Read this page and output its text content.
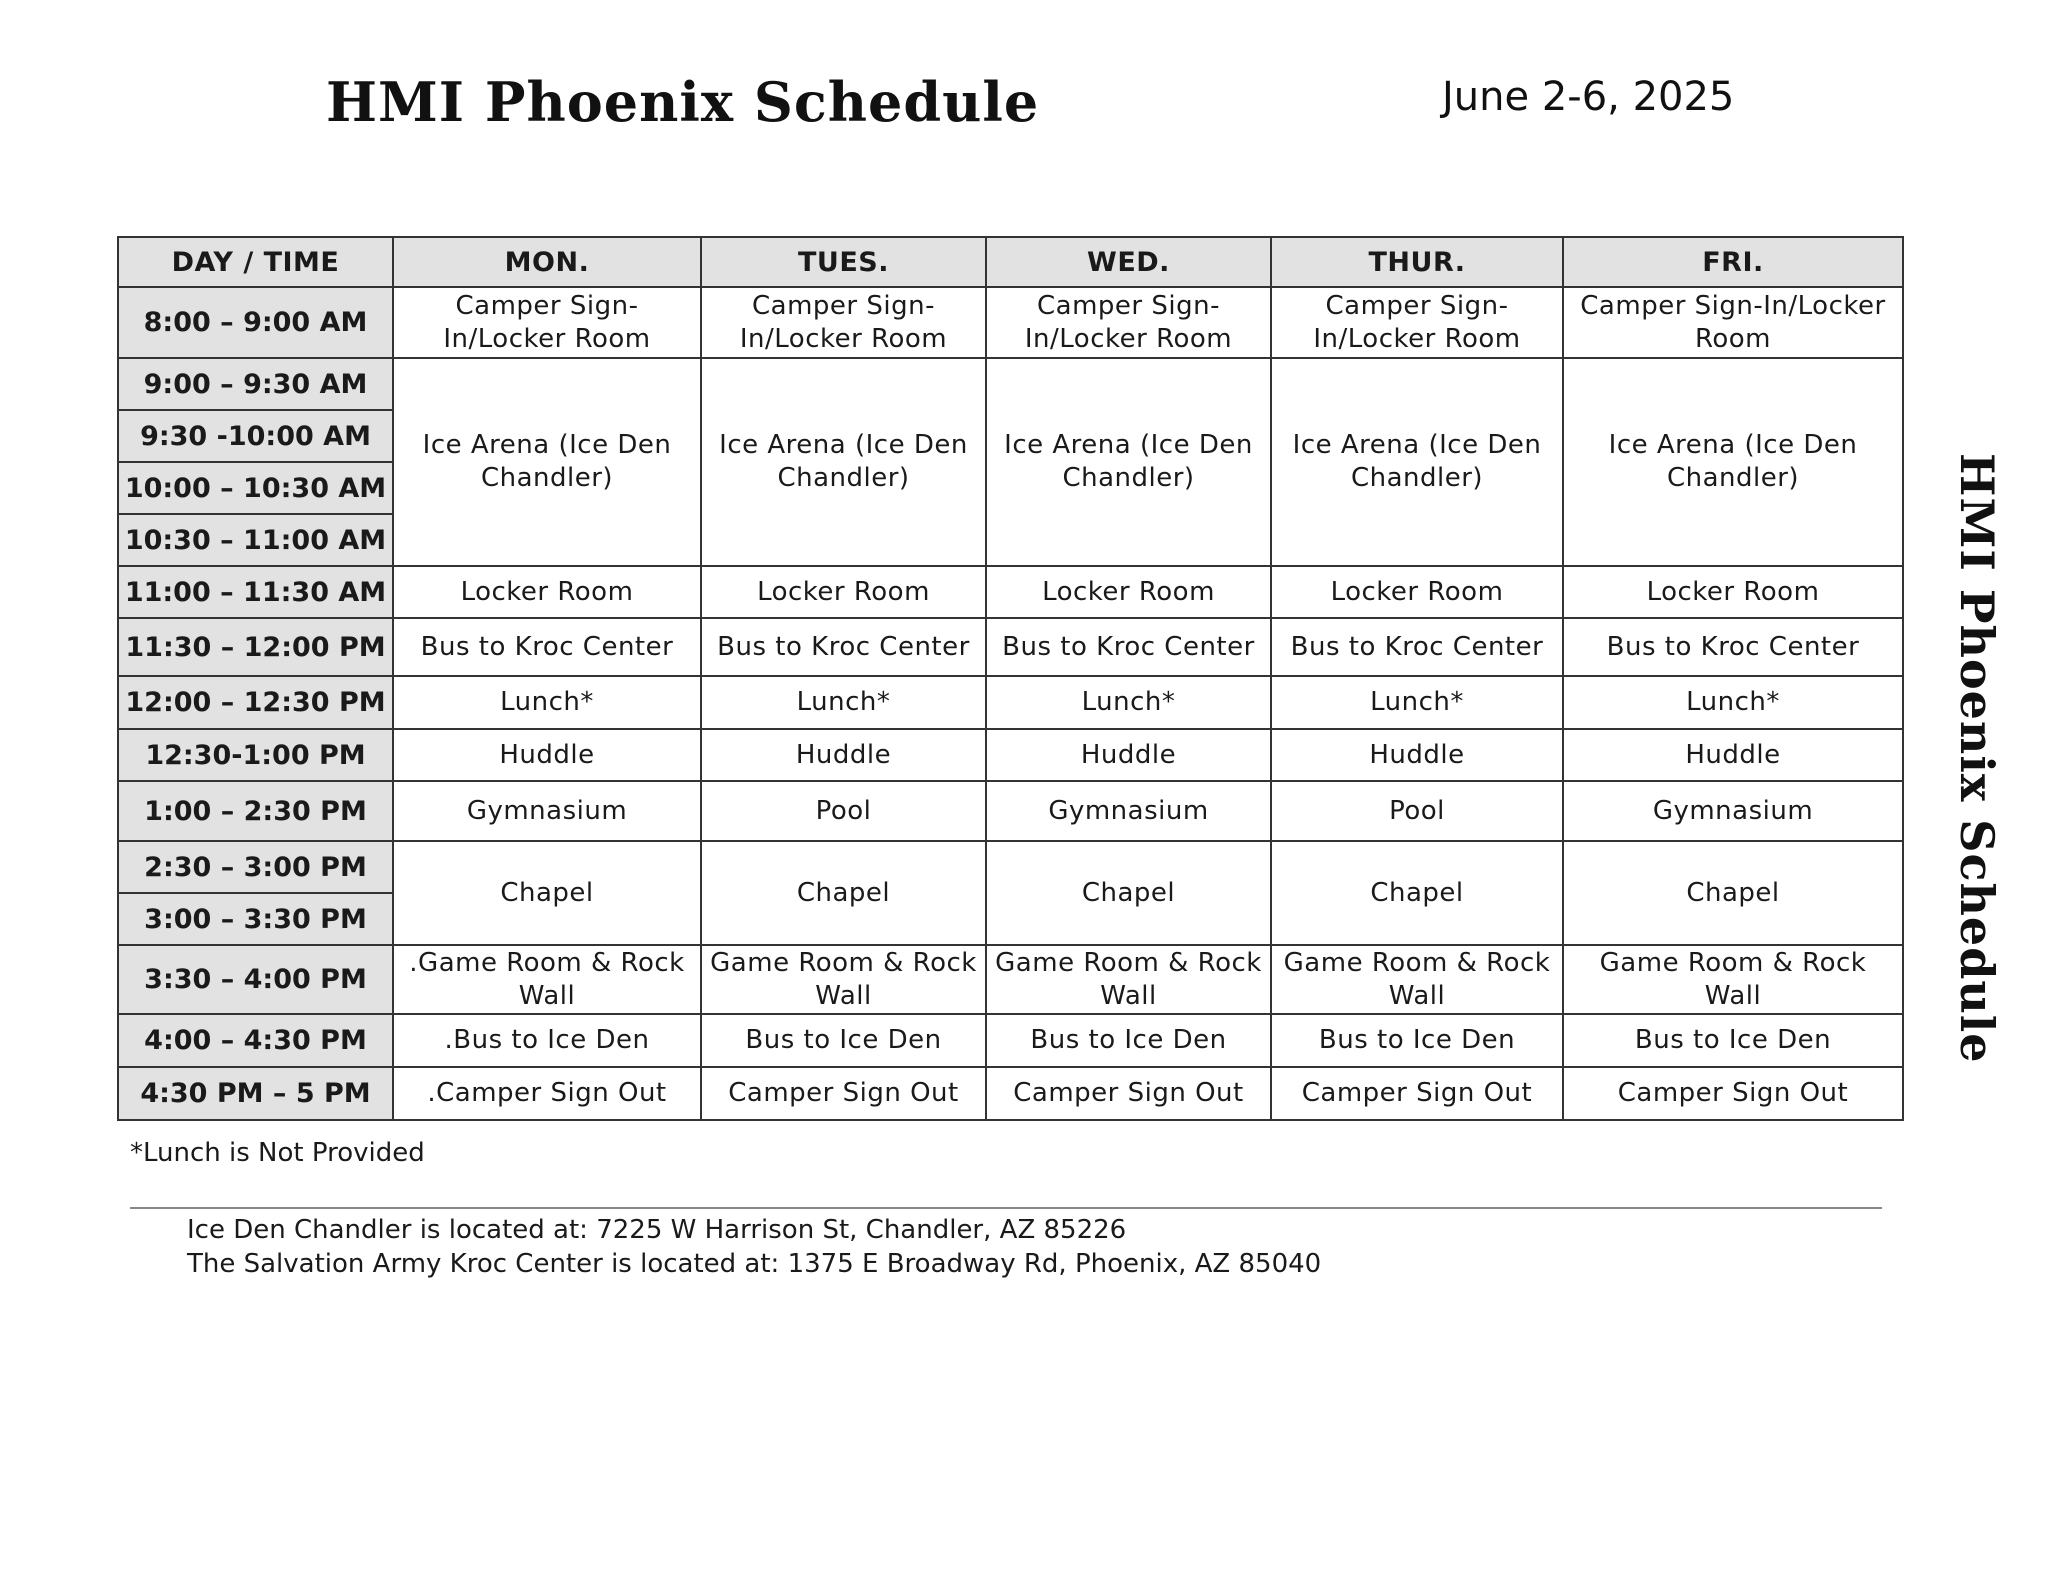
HMI Phoenix Schedule	June 2-6, 2025

HMI Phoenix Schedule
DAY / TIME	MON.	TUES.	WED.	THUR.	FRI.
8:00 – 9:00 AM	Camper Sign-In/Locker Room	Camper Sign-In/Locker Room	Camper Sign-In/Locker Room	Camper Sign-In/Locker Room	Camper Sign-In/Locker Room
9:00 – 9:30 AM	Ice Arena (Ice Den Chandler)	Ice Arena (Ice Den Chandler)	Ice Arena (Ice Den Chandler)	Ice Arena (Ice Den Chandler)	Ice Arena (Ice Den Chandler)
9:30 -10:00 AM					
10:00 – 10:30 AM					
10:30 – 11:00 AM					
11:00 – 11:30 AM	Locker Room	Locker Room	Locker Room	Locker Room	Locker Room
11:30 – 12:00 PM	Bus to Kroc Center	Bus to Kroc Center	Bus to Kroc Center	Bus to Kroc Center	Bus to Kroc Center
12:00 – 12:30 PM	Lunch*	Lunch*	Lunch*	Lunch*	Lunch*
12:30-1:00 PM	Huddle	Huddle	Huddle	Huddle	Huddle
1:00 – 2:30 PM	Gymnasium	Pool	Gymnasium	Pool	Gymnasium
2:30 – 3:00 PM	Chapel	Chapel	Chapel	Chapel	Chapel
3:00 – 3:30 PM					
3:30 – 4:00 PM	.Game Room & Rock Wall	Game Room & Rock Wall	Game Room & Rock Wall	Game Room & Rock Wall	Game Room & Rock Wall
4:00 – 4:30 PM	.Bus to Ice Den	Bus to Ice Den	Bus to Ice Den	Bus to Ice Den	Bus to Ice Den
4:30 PM – 5 PM	.Camper Sign Out	Camper Sign Out	Camper Sign Out	Camper Sign Out	Camper Sign Out

*Lunch is Not Provided

Ice Den Chandler is located at: 7225 W Harrison St, Chandler, AZ 85226

The Salvation Army Kroc Center is located at: 1375 E Broadway Rd, Phoenix, AZ 85040
